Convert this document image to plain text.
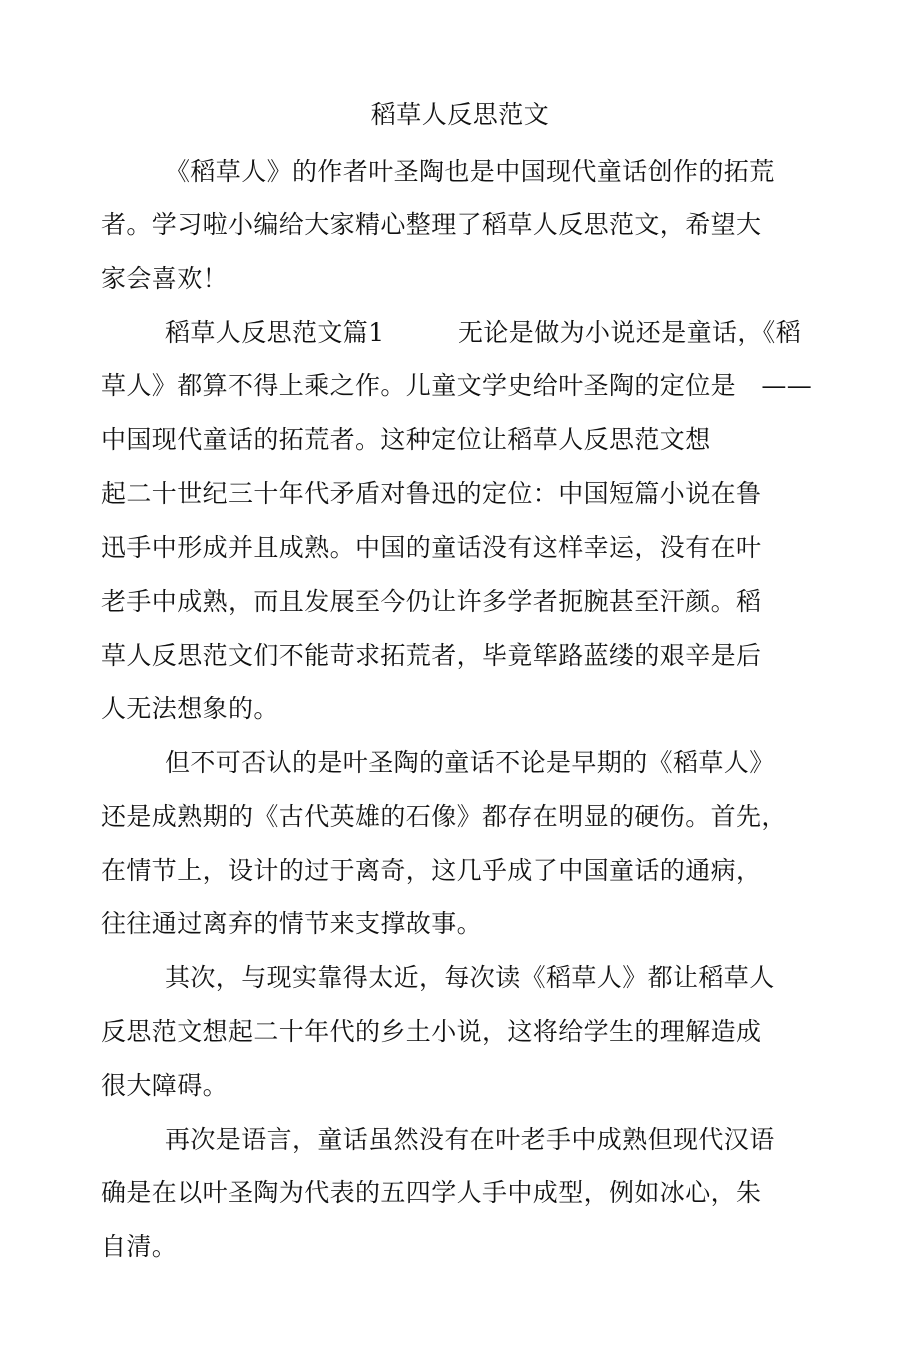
稻草人反思范文
《稻草人》的作者叶圣陶也是中国现代童话创作的拓荒
者。学习啦小编给大家精心整理了稻草人反思范文，希望大
家会喜欢！
稻草人反思范文篇1	无论是做为小说还是童话，《稻
草人》都算不得上乘之作。儿童文学史给叶圣陶的定位是　——
中国现代童话的拓荒者。这种定位让稻草人反思范文想
起二十世纪三十年代矛盾对鲁迅的定位：中国短篇小说在鲁
迅手中形成并且成熟。中国的童话没有这样幸运，没有在叶
老手中成熟，而且发展至今仍让许多学者扼腕甚至汗颜。稻
草人反思范文们不能苛求拓荒者，毕竟筚路蓝缕的艰辛是后
人无法想象的。
但不可否认的是叶圣陶的童话不论是早期的《稻草人》
还是成熟期的《古代英雄的石像》都存在明显的硬伤。首先，
在情节上，设计的过于离奇，这几乎成了中国童话的通病，
往往通过离弃的情节来支撑故事。
其次，与现实靠得太近，每次读《稻草人》都让稻草人
反思范文想起二十年代的乡土小说，这将给学生的理解造成
很大障碍。
再次是语言，童话虽然没有在叶老手中成熟但现代汉语
确是在以叶圣陶为代表的五四学人手中成型，例如冰心，朱
自清。
